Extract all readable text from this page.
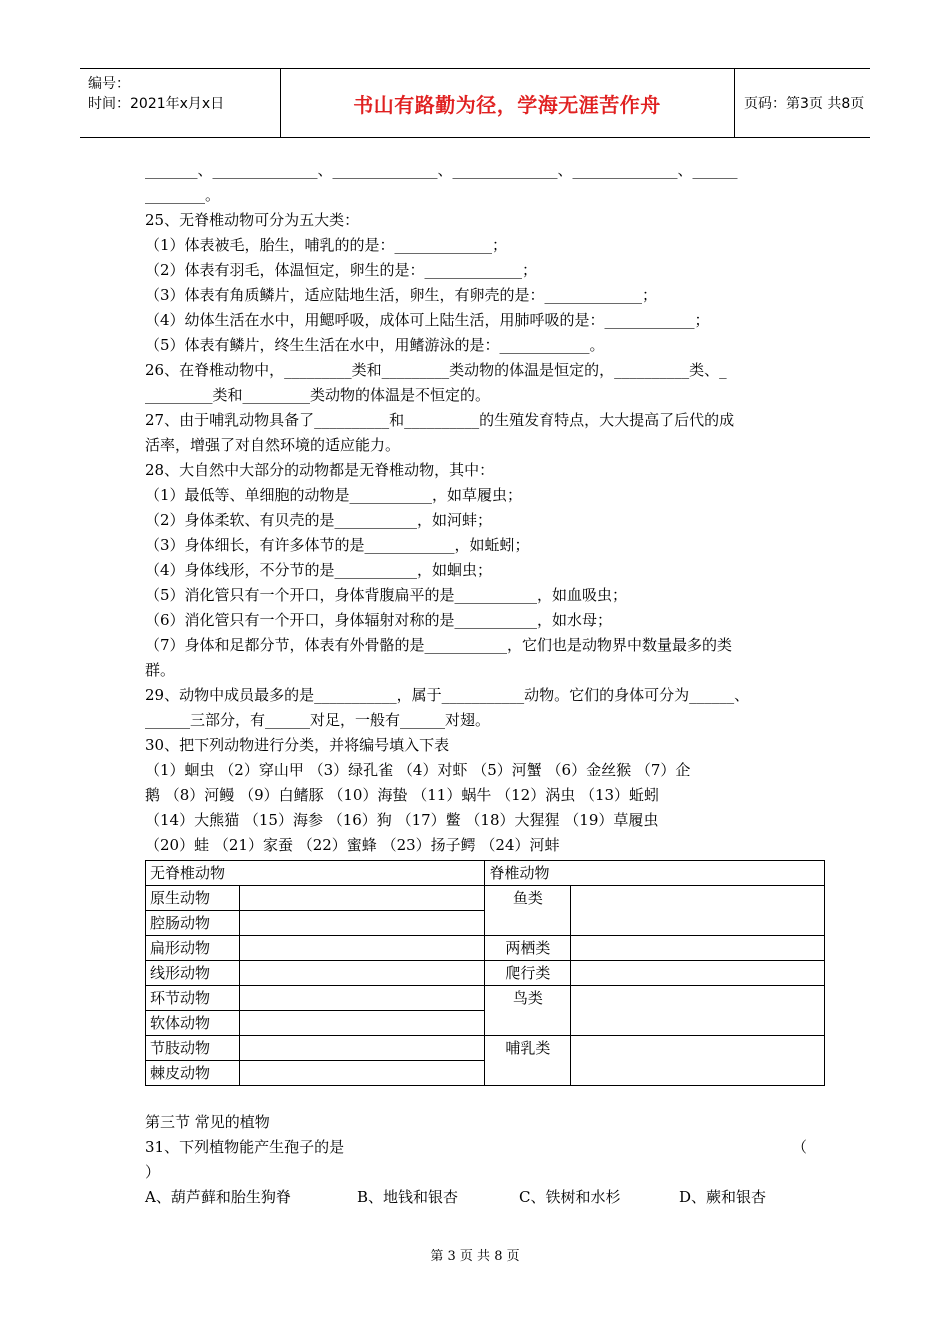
编号：
时间：2021年x月x日	书山有路勤为径，学海无涯苦作舟	页码：第3页 共8页
_______、______________、______________、______________、______________、______
________。
25、无脊椎动物可分为五大类：
（1）体表被毛，胎生，哺乳的的是：_____________；
（2）体表有羽毛，体温恒定，卵生的是：_____________；
（3）体表有角质鳞片，适应陆地生活，卵生，有卵壳的是：_____________；
（4）幼体生活在水中，用鳃呼吸，成体可上陆生活，用肺呼吸的是：____________；
（5）体表有鳞片，终生生活在水中，用鳍游泳的是：____________。
26、在脊椎动物中，_________类和_________类动物的体温是恒定的，__________类、_
_________类和_________类动物的体温是不恒定的。
27、由于哺乳动物具备了__________和__________的生殖发育特点，大大提高了后代的成
活率，增强了对自然环境的适应能力。
28、大自然中大部分的动物都是无脊椎动物，其中：
（1）最低等、单细胞的动物是___________，如草履虫；
（2）身体柔软、有贝壳的是___________，如河蚌；
（3）身体细长，有许多体节的是____________，如蚯蚓；
（4）身体线形，不分节的是___________，如蛔虫；
（5）消化管只有一个开口，身体背腹扁平的是___________，如血吸虫；
（6）消化管只有一个开口，身体辐射对称的是___________，如水母；
（7）身体和足都分节，体表有外骨骼的是___________，它们也是动物界中数量最多的类
群。
29、动物中成员最多的是___________，属于___________动物。它们的身体可分为______、
______三部分，有______对足，一般有______对翅。
30、把下列动物进行分类，并将编号填入下表
（1）蛔虫 （2）穿山甲 （3）绿孔雀 （4）对虾 （5）河蟹 （6）金丝猴 （7）企
鹅 （8）河鳗 （9）白鳍豚 （10）海蛰 （11）蜗牛 （12）涡虫 （13）蚯蚓
（14）大熊猫 （15）海参 （16）狗 （17）鳖 （18）大猩猩 （19）草履虫
（20）蛙 （21）家蚕 （22）蜜蜂 （23）扬子鳄 （24）河蚌
无脊椎动物		脊椎动物	
原生动物		鱼类	
腔肠动物			
扁形动物		两栖类	
线形动物		爬行类	
环节动物		鸟类	
软体动物			
节肢动物		哺乳类	
棘皮动物			
第三节 常见的植物
31、下列植物能产生孢子的是	（
）
A、葫芦藓和胎生狗脊	B、地钱和银杏	C、铁树和水杉	D、蕨和银杏
第 3 页 共 8 页
